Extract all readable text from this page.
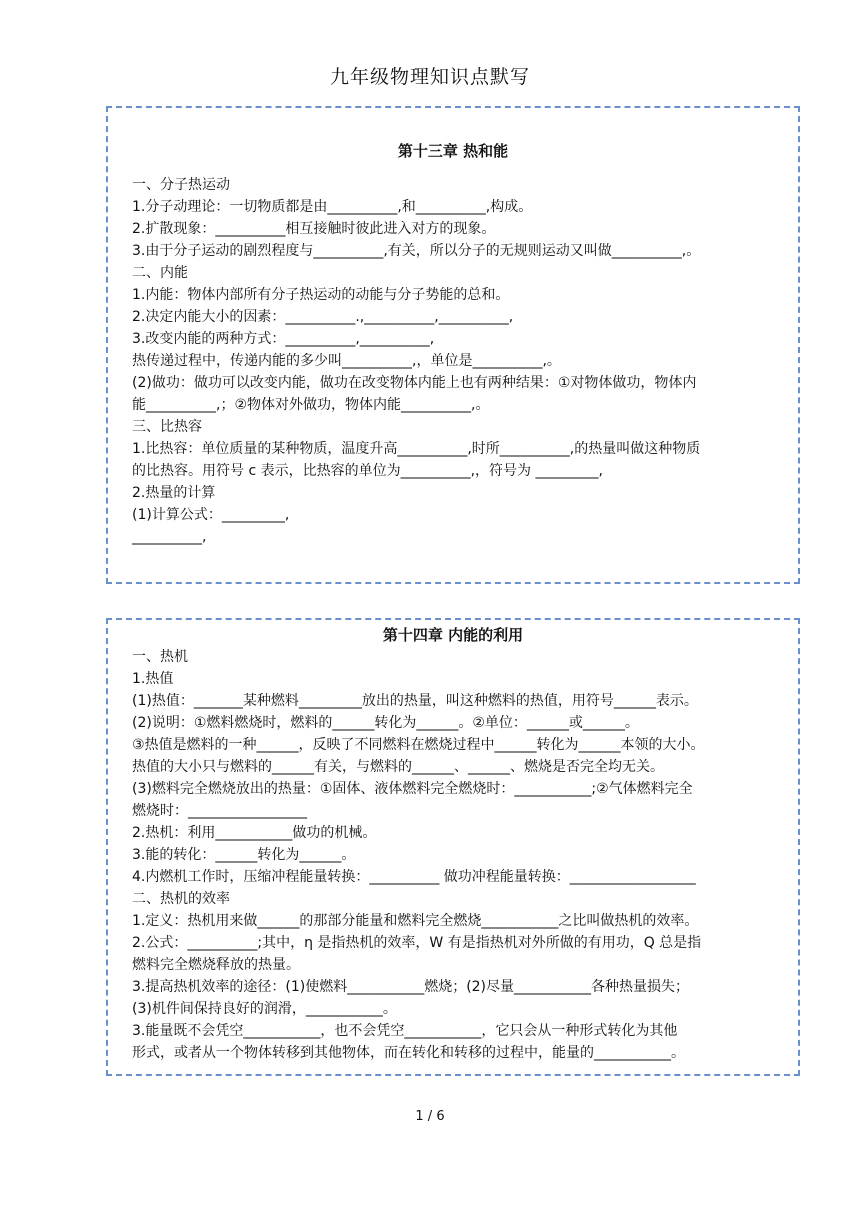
九年级物理知识点默写
第十三章 热和能
一、分子热运动
1.分子动理论：一切物质都是由__________,和__________,构成。
2.扩散现象：__________相互接触时彼此进入对方的现象。
3.由于分子运动的剧烈程度与__________,有关，所以分子的无规则运动又叫做__________,。
二、内能
1.内能：物体内部所有分子热运动的动能与分子势能的总和。
2.决定内能大小的因素：__________.,__________,__________,
3.改变内能的两种方式：__________,__________,
热传递过程中，传递内能的多少叫__________,，单位是__________,。
(2)做功：做功可以改变内能，做功在改变物体内能上也有两种结果：①对物体做功，物体内
能__________,；②物体对外做功，物体内能__________,。
三、比热容
1.比热容：单位质量的某种物质，温度升高__________,时所__________,的热量叫做这种物质
的比热容。用符号 c 表示，比热容的单位为__________,，符号为 _________,
2.热量的计算
(1)计算公式：_________,
__________,
第十四章 内能的利用
一、热机
1.热值
(1)热值：_______某种燃料_________放出的热量，叫这种燃料的热值，用符号______表示。
(2)说明：①燃料燃烧时，燃料的______转化为______。②单位：______或______。
③热值是燃料的一种______，反映了不同燃料在燃烧过程中______转化为______本领的大小。
热值的大小只与燃料的______有关，与燃料的______、______、燃烧是否完全均无关。
(3)燃料完全燃烧放出的热量：①固体、液体燃料完全燃烧时：___________;②气体燃料完全
燃烧时：_________________
2.热机：利用___________做功的机械。
3.能的转化：______转化为______。
4.内燃机工作时，压缩冲程能量转换：__________ 做功冲程能量转换：__________________
二、热机的效率
1.定义：热机用来做______的那部分能量和燃料完全燃烧___________之比叫做热机的效率。
2.公式：__________;其中，η 是指热机的效率，W 有是指热机对外所做的有用功，Q 总是指
燃料完全燃烧释放的热量。
3.提高热机效率的途径：(1)使燃料___________燃烧；(2)尽量___________各种热量损失；
(3)机件间保持良好的润滑，___________。
3.能量既不会凭空___________，也不会凭空___________，它只会从一种形式转化为其他
形式，或者从一个物体转移到其他物体，而在转化和转移的过程中，能量的___________。
1 / 6
